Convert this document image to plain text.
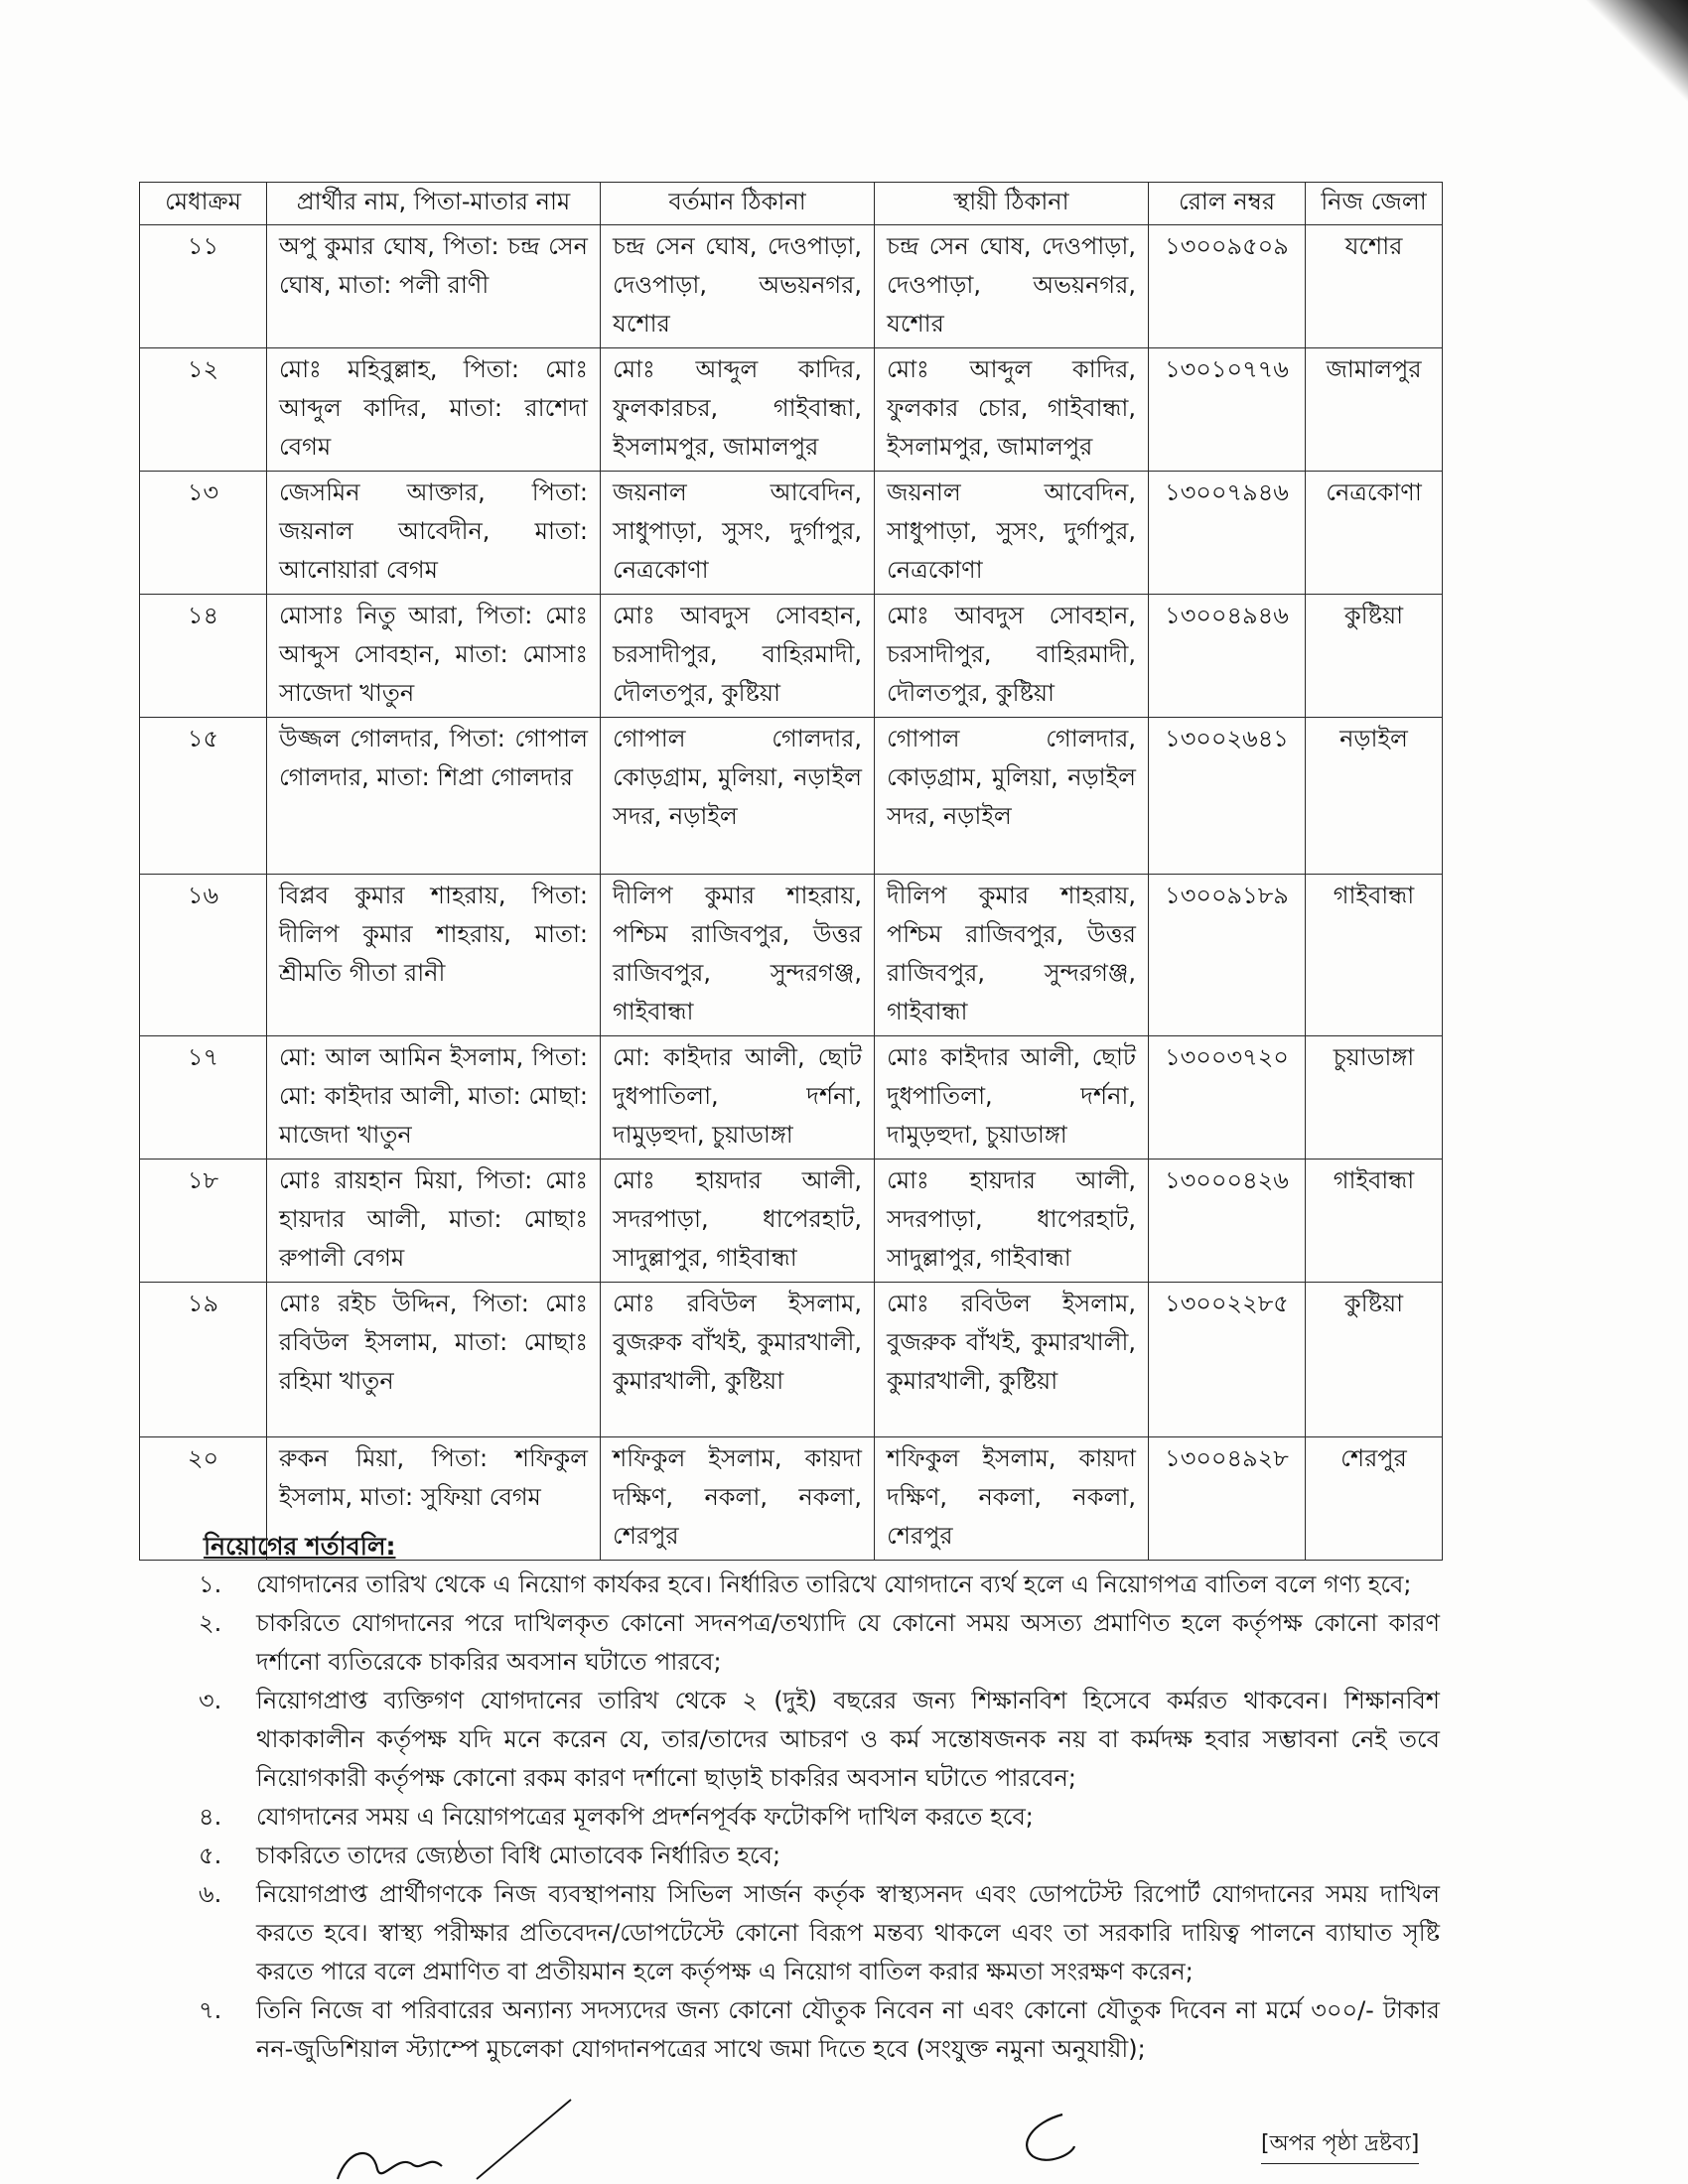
মেধাক্রম	প্রার্থীর নাম, পিতা-মাতার নাম	বর্তমান ঠিকানা	স্থায়ী ঠিকানা	রোল নম্বর	নিজ জেলা
১১	অপু কুমার ঘোষ, পিতা: চন্দ্র সেন ঘোষ, মাতা: পলী রাণী	চন্দ্র সেন ঘোষ, দেওপাড়া, দেওপাড়া, অভয়নগর, যশোর	চন্দ্র সেন ঘোষ, দেওপাড়া, দেওপাড়া, অভয়নগর, যশোর	১৩০০৯৫০৯	যশোর
১২	মোঃ মহিবুল্লাহ, পিতা: মোঃ আব্দুল কাদির, মাতা: রাশেদা বেগম	মোঃ আব্দুল কাদির, ফুলকারচর, গাইবান্ধা, ইসলামপুর, জামালপুর	মোঃ আব্দুল কাদির, ফুলকার চোর, গাইবান্ধা, ইসলামপুর, জামালপুর	১৩০১০৭৭৬	জামালপুর
১৩	জেসমিন আক্তার, পিতা: জয়নাল আবেদীন, মাতা: আনোয়ারা বেগম	জয়নাল আবেদিন, সাধুপাড়া, সুসং, দুর্গাপুর, নেত্রকোণা	জয়নাল আবেদিন, সাধুপাড়া, সুসং, দুর্গাপুর, নেত্রকোণা	১৩০০৭৯৪৬	নেত্রকোণা
১৪	মোসাঃ নিতু আরা, পিতা: মোঃ আব্দুস সোবহান, মাতা: মোসাঃ সাজেদা খাতুন	মোঃ আবদুস সোবহান, চরসাদীপুর, বাহিরমাদী, দৌলতপুর, কুষ্টিয়া	মোঃ আবদুস সোবহান, চরসাদীপুর, বাহিরমাদী, দৌলতপুর, কুষ্টিয়া	১৩০০৪৯৪৬	কুষ্টিয়া
১৫	উজ্জল গোলদার, পিতা: গোপাল গোলদার, মাতা: শিপ্রা গোলদার	গোপাল গোলদার, কোড়গ্রাম, মুলিয়া, নড়াইল সদর, নড়াইল	গোপাল গোলদার, কোড়গ্রাম, মুলিয়া, নড়াইল সদর, নড়াইল	১৩০০২৬৪১	নড়াইল
১৬	বিপ্লব কুমার শাহরায়, পিতা: দীলিপ কুমার শাহরায়, মাতা: শ্রীমতি গীতা রানী	দীলিপ কুমার শাহরায়, পশ্চিম রাজিবপুর, উত্তর রাজিবপুর, সুন্দরগঞ্জ, গাইবান্ধা	দীলিপ কুমার শাহরায়, পশ্চিম রাজিবপুর, উত্তর রাজিবপুর, সুন্দরগঞ্জ, গাইবান্ধা	১৩০০৯১৮৯	গাইবান্ধা
১৭	মো: আল আমিন ইসলাম, পিতা: মো: কাইদার আলী, মাতা: মোছা: মাজেদা খাতুন	মো: কাইদার আলী, ছোট দুধপাতিলা, দর্শনা, দামুড়হুদা, চুয়াডাঙ্গা	মোঃ কাইদার আলী, ছোট দুধপাতিলা, দর্শনা, দামুড়হুদা, চুয়াডাঙ্গা	১৩০০৩৭২০	চুয়াডাঙ্গা
১৮	মোঃ রায়হান মিয়া, পিতা: মোঃ হায়দার আলী, মাতা: মোছাঃ রুপালী বেগম	মোঃ হায়দার আলী, সদরপাড়া, ধাপেরহাট, সাদুল্লাপুর, গাইবান্ধা	মোঃ হায়দার আলী, সদরপাড়া, ধাপেরহাট, সাদুল্লাপুর, গাইবান্ধা	১৩০০০৪২৬	গাইবান্ধা
১৯	মোঃ রইচ উদ্দিন, পিতা: মোঃ রবিউল ইসলাম, মাতা: মোছাঃ রহিমা খাতুন	মোঃ রবিউল ইসলাম, বুজরুক বাঁখই, কুমারখালী, কুমারখালী, কুষ্টিয়া	মোঃ রবিউল ইসলাম, বুজরুক বাঁখই, কুমারখালী, কুমারখালী, কুষ্টিয়া	১৩০০২২৮৫	কুষ্টিয়া
২০	রুকন মিয়া, পিতা: শফিকুল ইসলাম, মাতা: সুফিয়া বেগম	শফিকুল ইসলাম, কায়দা দক্ষিণ, নকলা, নকলা, শেরপুর	শফিকুল ইসলাম, কায়দা দক্ষিণ, নকলা, নকলা, শেরপুর	১৩০০৪৯২৮	শেরপুর
নিয়োগের শর্তাবলি:
১.	যোগদানের তারিখ থেকে এ নিয়োগ কার্যকর হবে। নির্ধারিত তারিখে যোগদানে ব্যর্থ হলে এ নিয়োগপত্র বাতিল বলে গণ্য হবে;
২.	চাকরিতে যোগদানের পরে দাখিলকৃত কোনো সদনপত্র/তথ্যাদি যে কোনো সময় অসত্য প্রমাণিত হলে কর্তৃপক্ষ কোনো কারণ দর্শানো ব্যতিরেকে চাকরির অবসান ঘটাতে পারবে;
৩.	নিয়োগপ্রাপ্ত ব্যক্তিগণ যোগদানের তারিখ থেকে ২ (দুই) বছরের জন্য শিক্ষানবিশ হিসেবে কর্মরত থাকবেন। শিক্ষানবিশ থাকাকালীন কর্তৃপক্ষ যদি মনে করেন যে, তার/তাদের আচরণ ও কর্ম সন্তোষজনক নয় বা কর্মদক্ষ হবার সম্ভাবনা নেই তবে নিয়োগকারী কর্তৃপক্ষ কোনো রকম কারণ দর্শানো ছাড়াই চাকরির অবসান ঘটাতে পারবেন;
৪.	যোগদানের সময় এ নিয়োগপত্রের মূলকপি প্রদর্শনপূর্বক ফটোকপি দাখিল করতে হবে;
৫.	চাকরিতে তাদের জ্যেষ্ঠতা বিধি মোতাবেক নির্ধারিত হবে;
৬.	নিয়োগপ্রাপ্ত প্রার্থীগণকে নিজ ব্যবস্থাপনায় সিভিল সার্জন কর্তৃক স্বাস্থ্যসনদ এবং ডোপটেস্ট রিপোর্ট যোগদানের সময় দাখিল করতে হবে। স্বাস্থ্য পরীক্ষার প্রতিবেদন/ডোপটেস্টে কোনো বিরূপ মন্তব্য থাকলে এবং তা সরকারি দায়িত্ব পালনে ব্যাঘাত সৃষ্টি করতে পারে বলে প্রমাণিত বা প্রতীয়মান হলে কর্তৃপক্ষ এ নিয়োগ বাতিল করার ক্ষমতা সংরক্ষণ করেন;
৭.	তিনি নিজে বা পরিবারের অন্যান্য সদস্যদের জন্য কোনো যৌতুক নিবেন না এবং কোনো যৌতুক দিবেন না মর্মে ৩০০/- টাকার নন-জুডিশিয়াল স্ট্যাম্পে মুচলেকা যোগদানপত্রের সাথে জমা দিতে হবে (সংযুক্ত নমুনা অনুযায়ী);
[অপর পৃষ্ঠা দ্রষ্টব্য]
